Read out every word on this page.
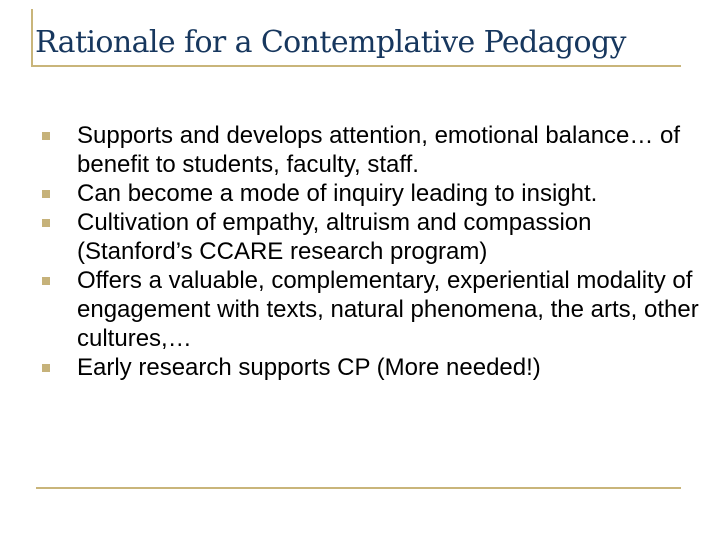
Rationale for a Contemplative Pedagogy
Supports and develops attention, emotional balance… of benefit to students, faculty, staff.
Can become a mode of inquiry leading to insight.
Cultivation of empathy, altruism and compassion (Stanford’s CCARE research program)
Offers a valuable, complementary, experiential modality of engagement with texts, natural phenomena, the arts, other cultures,…
Early research supports CP (More needed!)
